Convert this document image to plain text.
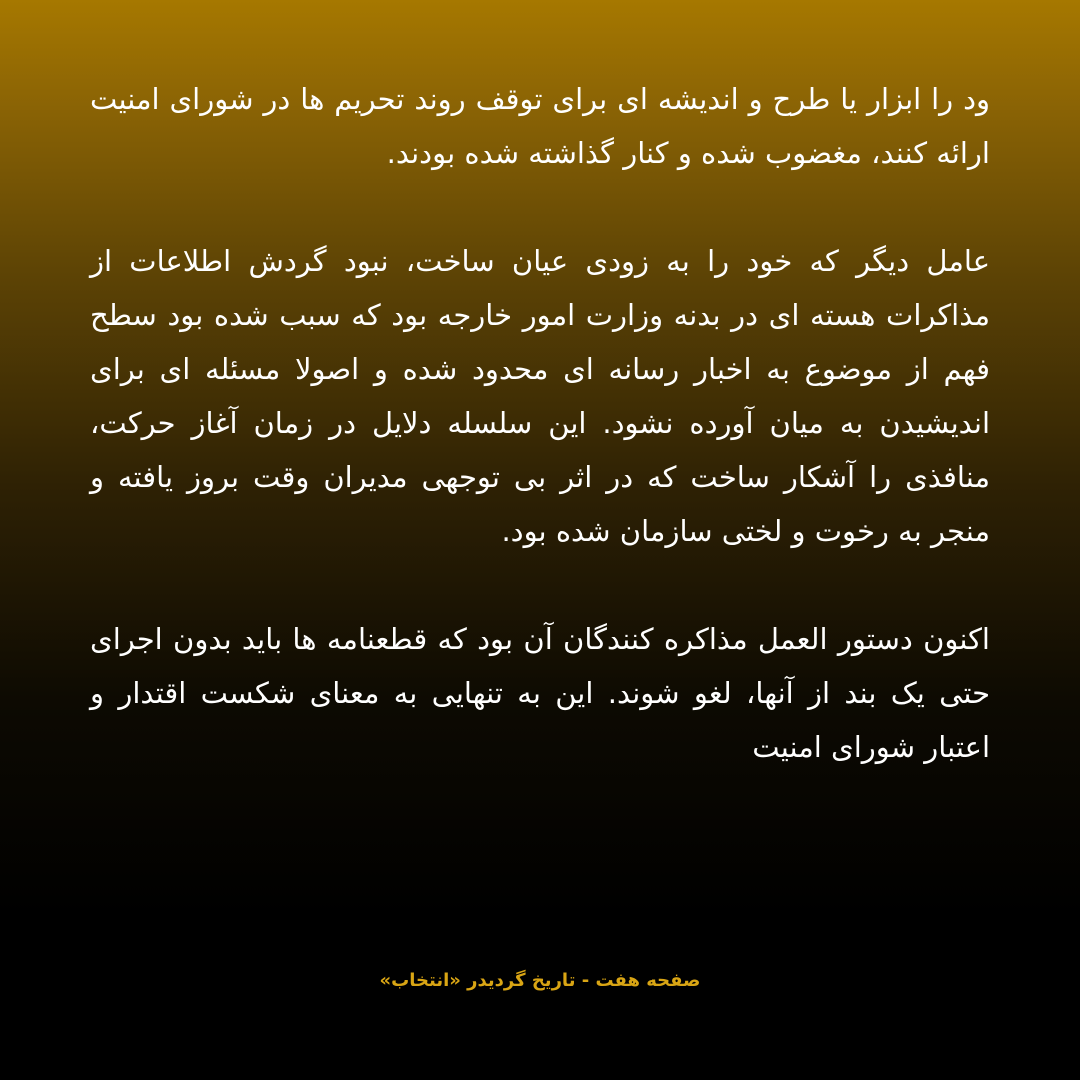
ود را ابزار یا طرح و اندیشه ای برای توقف روند تحریم ها در شورای امنیت ارائه کنند، مغضوب شده و کنار گذاشته شده بودند.

عامل دیگر که خود را به زودی عیان ساخت، نبود گردش اطلاعات از مذاکرات هسته ای در بدنه وزارت امور خارجه بود که سبب شده بود سطح فهم از موضوع به اخبار رسانه ای محدود شده و اصولا مسئله ای برای اندیشیدن به میان آورده نشود. این سلسله دلایل در زمان آغاز حرکت، منافذی را آشکار ساخت که در اثر بی توجهی مدیران وقت بروز یافته و منجر به رخوت و لختی سازمان شده بود.

اکنون دستور العمل مذاکره کنندگان آن بود که قطعنامه ها باید بدون اجرای حتی یک بند از آنها، لغو شوند. این به تنهایی به معنای شکست اقتدار و اعتبار شورای امنیت

صفحه هفت - تاریخ گردیدر «انتخاب»
